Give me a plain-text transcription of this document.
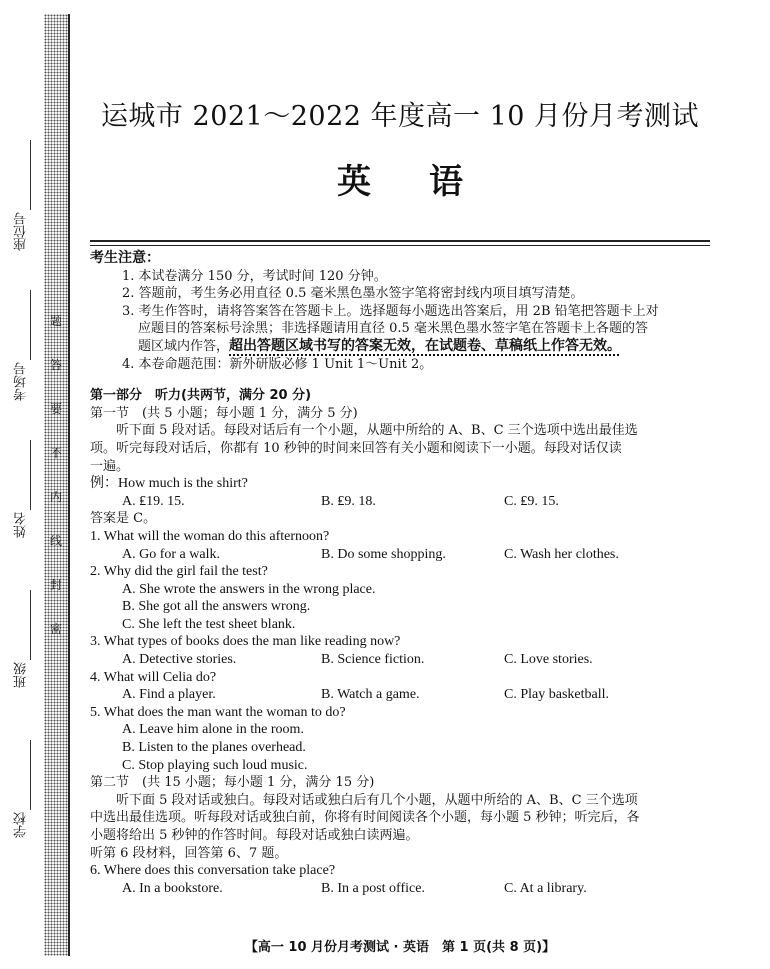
座位号
考场号
姓名
班级
学校
题
答
要
不
内
线
封
密
运城市 2021～2022 年度高一 10 月份月考测试
英语
考生注意：
1. 本试卷满分 150 分，考试时间 120 分钟。
2. 答题前，考生务必用直径 0.5 毫米黑色墨水签字笔将密封线内项目填写清楚。
3. 考生作答时，请将答案答在答题卡上。选择题每小题选出答案后，用 2B 铅笔把答题卡上对
应题目的答案标号涂黑；非选择题请用直径 0.5 毫米黑色墨水签字笔在答题卡上各题的答
题区域内作答，超出答题区域书写的答案无效，在试题卷、草稿纸上作答无效。
4. 本卷命题范围：新外研版必修 1 Unit 1～Unit 2。
第一部分　听力(共两节，满分 20 分)
第一节　(共 5 小题；每小题 1 分，满分 5 分)
听下面 5 段对话。每段对话后有一个小题，从题中所给的 A、B、C 三个选项中选出最佳选
项。听完每段对话后，你都有 10 秒钟的时间来回答有关小题和阅读下一小题。每段对话仅读
一遍。
例：How much is the shirt?
A. ₤19. 15.	B. ₤9. 18.	C. ₤9. 15.
答案是 C。
1. What will the woman do this afternoon?
A. Go for a walk.	B. Do some shopping.	C. Wash her clothes.
2. Why did the girl fail the test?
A. She wrote the answers in the wrong place.
B. She got all the answers wrong.
C. She left the test sheet blank.
3. What types of books does the man like reading now?
A. Detective stories.	B. Science fiction.	C. Love stories.
4. What will Celia do?
A. Find a player.	B. Watch a game.	C. Play basketball.
5. What does the man want the woman to do?
A. Leave him alone in the room.
B. Listen to the planes overhead.
C. Stop playing such loud music.
第二节　(共 15 小题；每小题 1 分，满分 15 分)
听下面 5 段对话或独白。每段对话或独白后有几个小题，从题中所给的 A、B、C 三个选项
中选出最佳选项。听每段对话或独白前，你将有时间阅读各个小题，每小题 5 秒钟；听完后，各
小题将给出 5 秒钟的作答时间。每段对话或独白读两遍。
听第 6 段材料，回答第 6、7 题。
6. Where does this conversation take place?
A. In a bookstore.	B. In a post office.	C. At a library.
【高一 10 月份月考测试 · 英语　第 1 页(共 8 页)】
